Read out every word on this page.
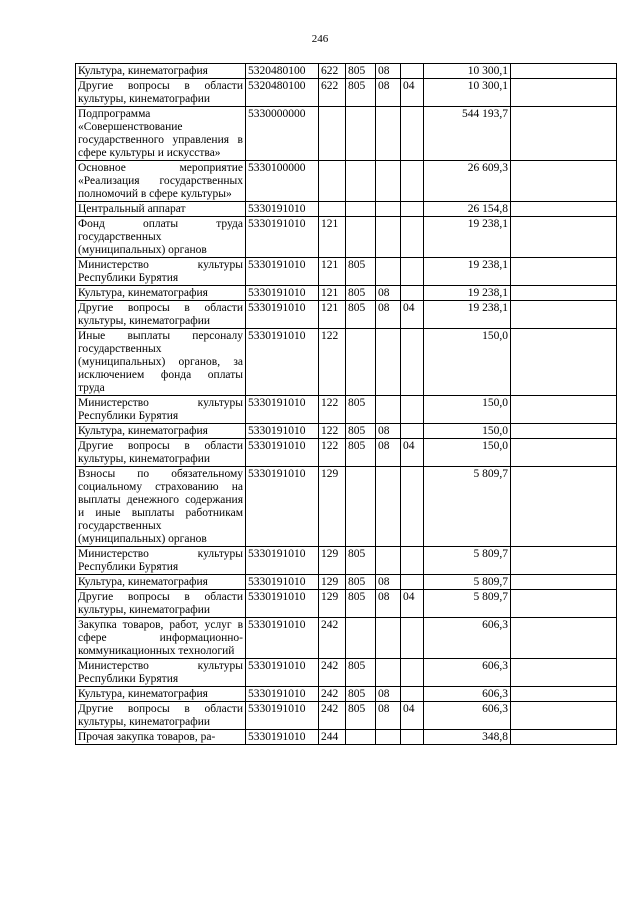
246
Культура, кинематография	5320480100	622	805	08		10 300,1	
Другие вопросы в области культуры, кинематографии	5320480100	622	805	08	04	10 300,1	
Подпрограмма «Совершенствование государственного управления в сфере культуры и искусства»	5330000000					544 193,7	
Основное мероприятие «Реализация государственных полномочий в сфере культуры»	5330100000					26 609,3	
Центральный аппарат	5330191010					26 154,8	
Фонд оплаты труда государственных (муниципальных) органов	5330191010	121				19 238,1	
Министерство культуры Республики Бурятия	5330191010	121	805			19 238,1	
Культура, кинематография	5330191010	121	805	08		19 238,1	
Другие вопросы в области культуры, кинематографии	5330191010	121	805	08	04	19 238,1	
Иные выплаты персоналу государственных (муниципальных) органов, за исключением фонда оплаты труда	5330191010	122				150,0	
Министерство культуры Республики Бурятия	5330191010	122	805			150,0	
Культура, кинематография	5330191010	122	805	08		150,0	
Другие вопросы в области культуры, кинематографии	5330191010	122	805	08	04	150,0	
Взносы по обязательному социальному страхованию на выплаты денежного содержания и иные выплаты работникам государственных (муниципальных) органов	5330191010	129				5 809,7	
Министерство культуры Республики Бурятия	5330191010	129	805			5 809,7	
Культура, кинематография	5330191010	129	805	08		5 809,7	
Другие вопросы в области культуры, кинематографии	5330191010	129	805	08	04	5 809,7	
Закупка товаров, работ, услуг в сфере информационно-коммуникационных технологий	5330191010	242				606,3	
Министерство культуры Республики Бурятия	5330191010	242	805			606,3	
Культура, кинематография	5330191010	242	805	08		606,3	
Другие вопросы в области культуры, кинематографии	5330191010	242	805	08	04	606,3	
Прочая закупка товаров, ра-	5330191010	244				348,8	
